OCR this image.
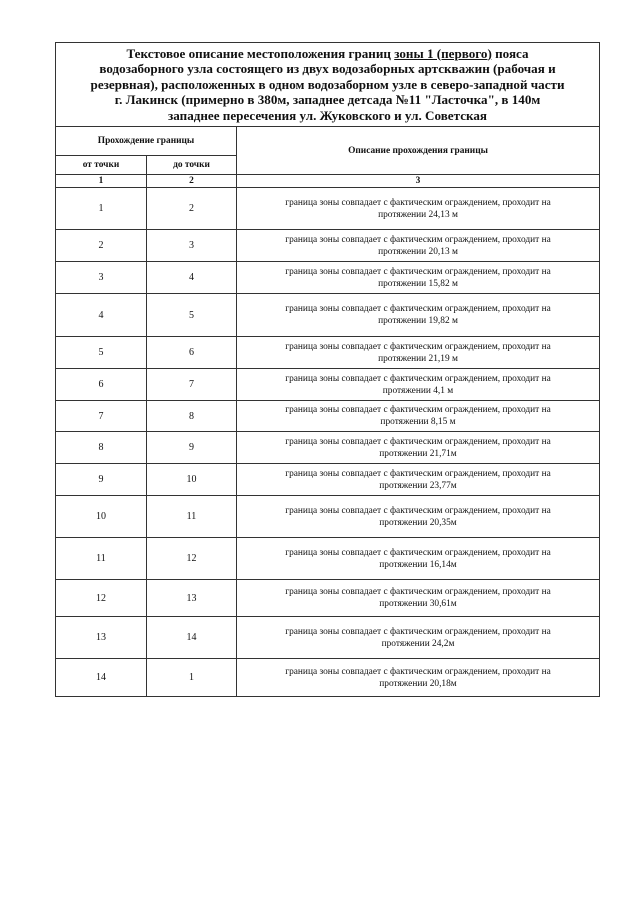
Текстовое описание местоположения границ зоны 1 (первого) пояса
водозаборного узла состоящего из двух водозаборных артскважин (рабочая и
резервная), расположенных в одном водозаборном узле в северо-западной части
г. Лакинск (примерно в 380м, западнее детсада №11 "Ласточка", в 140м
западнее пересечения ул. Жуковского и ул. Советская		

Прохождение границы		Описание прохождения границы
от точки	до точки	
1	2	3
1	2	граница зоны совпадает с фактическим ограждением, проходит на
протяжении 24,13 м
2	3	граница зоны совпадает с фактическим ограждением, проходит на
протяжении 20,13 м
3	4	граница зоны совпадает с фактическим ограждением, проходит на
протяжении 15,82 м
4	5	граница зоны совпадает с фактическим ограждением, проходит на
протяжении 19,82 м
5	6	граница зоны совпадает с фактическим ограждением, проходит на
протяжении 21,19 м
6	7	граница зоны совпадает с фактическим ограждением, проходит на
протяжении 4,1 м
7	8	граница зоны совпадает с фактическим ограждением, проходит на
протяжении 8,15 м
8	9	граница зоны совпадает с фактическим ограждением, проходит на
протяжении 21,71м
9	10	граница зоны совпадает с фактическим ограждением, проходит на
протяжении 23,77м
10	11	граница зоны совпадает с фактическим ограждением, проходит на
протяжении 20,35м
11	12	граница зоны совпадает с фактическим ограждением, проходит на
протяжении 16,14м
12	13	граница зоны совпадает с фактическим ограждением, проходит на
протяжении 30,61м
13	14	граница зоны совпадает с фактическим ограждением, проходит на
протяжении 24,2м
14	1	граница зоны совпадает с фактическим ограждением, проходит на
протяжении 20,18м
